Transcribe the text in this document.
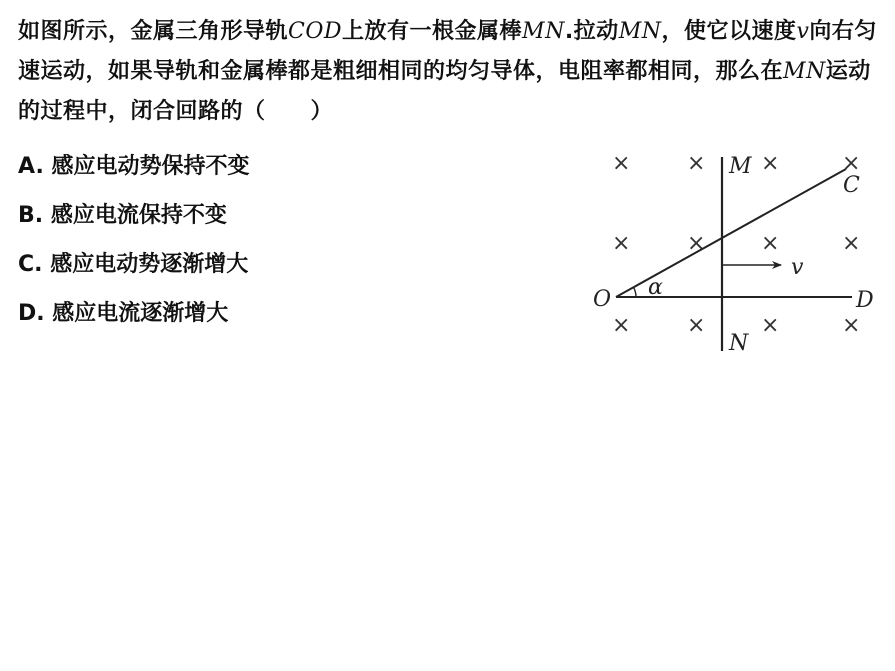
如图所示，金属三角形导轨COD上放有一根金属棒MN.拉动MN，使它以速度v向右匀速运动，如果导轨和金属棒都是粗细相同的均匀导体，电阻率都相同，那么在MN运动的过程中，闭合回路的（　　）
A. 感应电动势保持不变
B. 感应电流保持不变
C. 感应电动势逐渐增大
D. 感应电流逐渐增大
×	×	×	×
×	×	×	×
×	×	×	×
M
N
C
D
O α
v
